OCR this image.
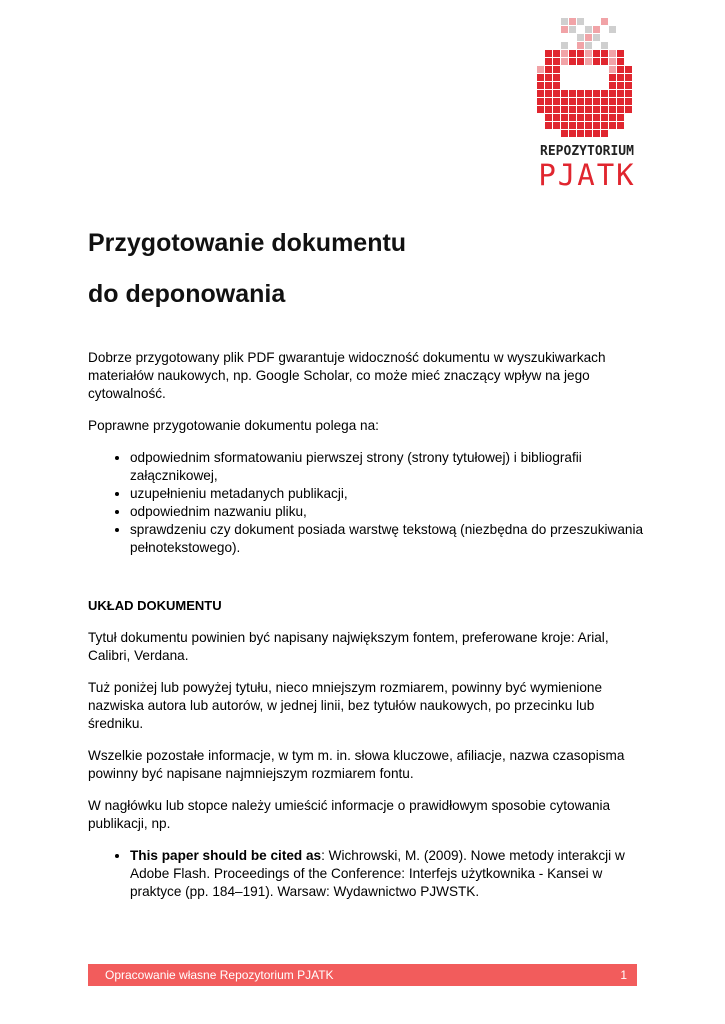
REPOZYTORIUM
PJATK
Przygotowanie dokumentu
do deponowania

Dobrze przygotowany plik PDF gwarantuje widoczność dokumentu w wyszukiwarkach materiałów naukowych, np. Google Scholar, co może mieć znaczący wpływ na jego cytowalność.

Poprawne przygotowanie dokumentu polega na:

• odpowiednim sformatowaniu pierwszej strony (strony tytułowej) i bibliografii załącznikowej,
• uzupełnieniu metadanych publikacji,
• odpowiednim nazwaniu pliku,
• sprawdzeniu czy dokument posiada warstwę tekstową (niezbędna do przeszukiwania pełnotekstowego).

UKŁAD DOKUMENTU

Tytuł dokumentu powinien być napisany największym fontem, preferowane kroje: Arial, Calibri, Verdana.

Tuż poniżej lub powyżej tytułu, nieco mniejszym rozmiarem, powinny być wymienione nazwiska autora lub autorów, w jednej linii, bez tytułów naukowych, po przecinku lub średniku.

Wszelkie pozostałe informacje, w tym m. in. słowa kluczowe, afiliacje, nazwa czasopisma powinny być napisane najmniejszym rozmiarem fontu.

W nagłówku lub stopce należy umieścić informacje o prawidłowym sposobie cytowania publikacji, np.

• This paper should be cited as: Wichrowski, M. (2009). Nowe metody interakcji w Adobe Flash. Proceedings of the Conference: Interfejs użytkownika - Kansei w praktyce (pp. 184–191). Warsaw: Wydawnictwo PJWSTK.
Opracowanie własne Repozytorium PJATK	1
